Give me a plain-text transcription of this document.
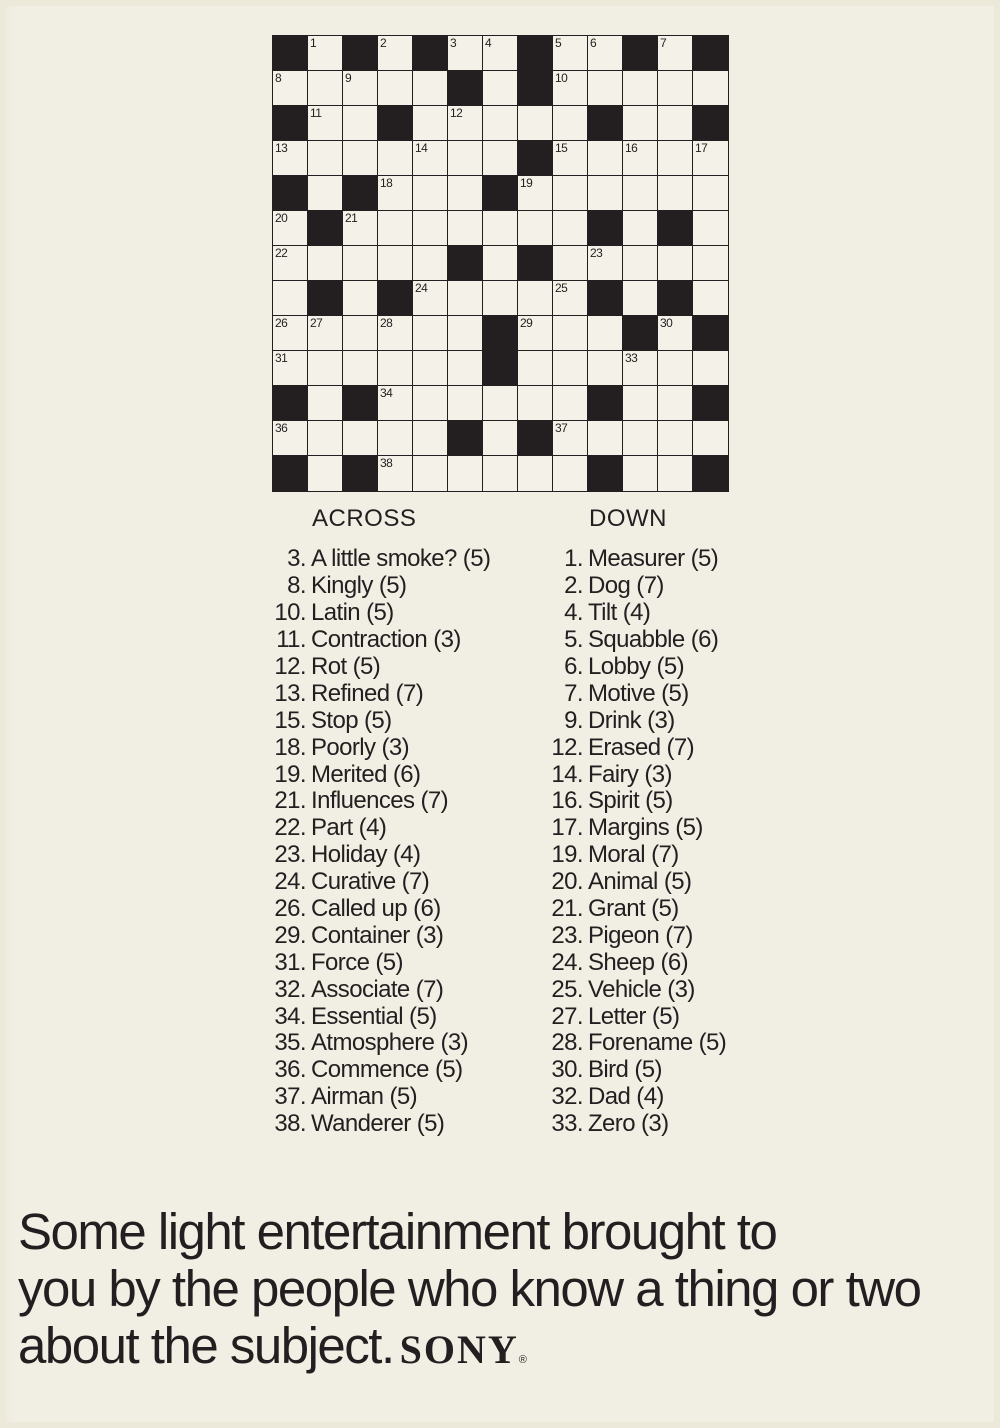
1	2	3 4	5 6	7
8	9	10
11	12
13	14	15	16	17
18	19
20	21
22	23
24	25
26 27	28	29	30
31	33
34
36	37
38
ACROSS	DOWN
3. A little smoke? (5)
8. Kingly (5)
10. Latin (5)
11. Contraction (3)
12. Rot (5)
13. Refined (7)
15. Stop (5)
18. Poorly (3)
19. Merited (6)
21. Influences (7)
22. Part (4)
23. Holiday (4)
24. Curative (7)
26. Called up (6)
29. Container (3)
31. Force (5)
32. Associate (7)
34. Essential (5)
35. Atmosphere (3)
36. Commence (5)
37. Airman (5)
38. Wanderer (5)
1. Measurer (5)
2. Dog (7)
4. Tilt (4)
5. Squabble (6)
6. Lobby (5)
7. Motive (5)
9. Drink (3)
12. Erased (7)
14. Fairy (3)
16. Spirit (5)
17. Margins (5)
19. Moral (7)
20. Animal (5)
21. Grant (5)
23. Pigeon (7)
24. Sheep (6)
25. Vehicle (3)
27. Letter (5)
28. Forename (5)
30. Bird (5)
32. Dad (4)
33. Zero (3)
Some light entertainment brought to
you by the people who know a thing or two
about the subject. SONY®
